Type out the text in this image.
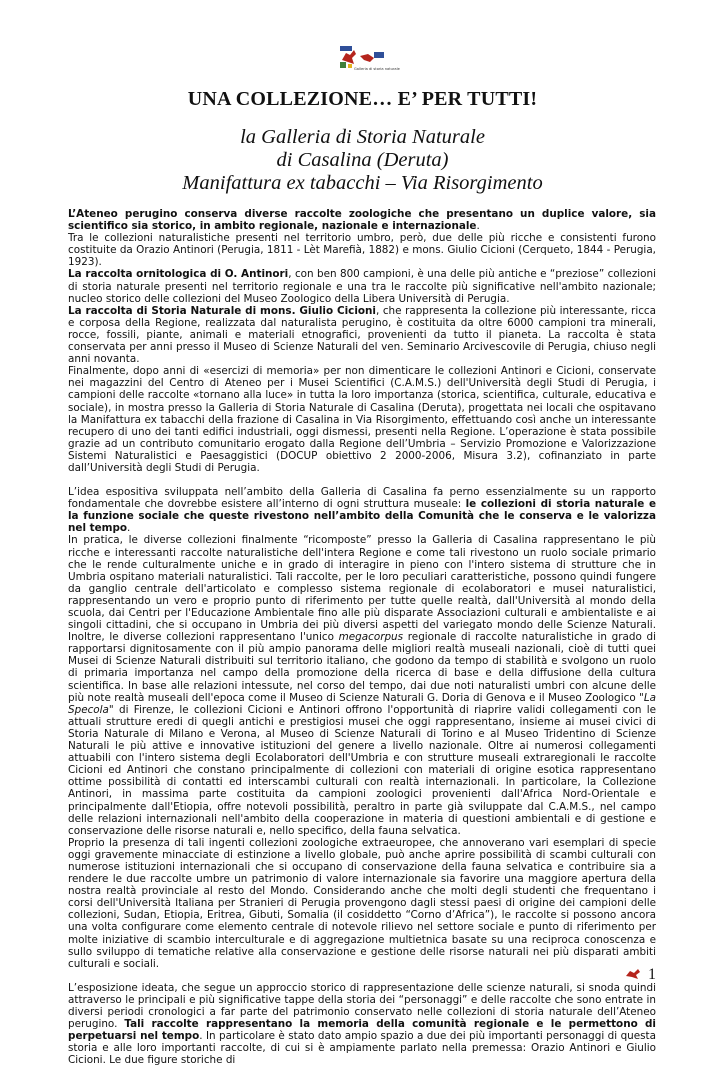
Galleria di storia naturale
UNA COLLEZIONE… E’ PER TUTTI!
la Galleria di Storia Naturale
di Casalina (Deruta)
Manifattura ex tabacchi – Via Risorgimento

L’Ateneo perugino conserva diverse raccolte zoologiche che presentano un duplice valore, sia scientifico sia storico, in ambito regionale, nazionale e internazionale.

Tra le collezioni naturalistiche presenti nel territorio umbro, però, due delle più ricche e consistenti furono costituite da Orazio Antinori (Perugia, 1811 - Lèt Marefià, 1882) e mons. Giulio Cicioni (Cerqueto, 1844 - Perugia, 1923).

La raccolta ornitologica di O. Antinori, con ben 800 campioni, è una delle più antiche e “preziose” collezioni di storia naturale presenti nel territorio regionale e una tra le raccolte più significative nell'ambito nazionale; nucleo storico delle collezioni del Museo Zoologico della Libera Università di Perugia.

La raccolta di Storia Naturale di mons. Giulio Cicioni, che rappresenta la collezione più interessante, ricca e corposa della Regione, realizzata dal naturalista perugino, è costituita da oltre 6000 campioni tra minerali, rocce, fossili, piante, animali e materiali etnografici, provenienti da tutto il pianeta. La raccolta è stata conservata per anni presso il Museo di Scienze Naturali del ven. Seminario Arcivescovile di Perugia, chiuso negli anni novanta.

Finalmente, dopo anni di «esercizi di memoria» per non dimenticare le collezioni Antinori e Cicioni, conservate nei magazzini del Centro di Ateneo per i Musei Scientifici (C.A.M.S.) dell'Università degli Studi di Perugia, i campioni delle raccolte «tornano alla luce» in tutta la loro importanza (storica, scientifica, culturale, educativa e sociale), in mostra presso la Galleria di Storia Naturale di Casalina (Deruta), progettata nei locali che ospitavano la Manifattura ex tabacchi della frazione di Casalina in Via Risorgimento, effettuando così anche un interessante recupero di uno dei tanti edifici industriali, oggi dismessi, presenti nella Regione. L’operazione è stata possibile grazie ad un contributo comunitario erogato dalla Regione dell’Umbria – Servizio Promozione e Valorizzazione Sistemi Naturalistici e Paesaggistici (DOCUP obiettivo 2 2000-2006, Misura 3.2), cofinanziato in parte dall’Università degli Studi di Perugia.

L’idea espositiva sviluppata nell’ambito della Galleria di Casalina fa perno essenzialmente su un rapporto fondamentale che dovrebbe esistere all’interno di ogni struttura museale: le collezioni di storia naturale e la funzione sociale che queste rivestono nell’ambito della Comunità che le conserva e le valorizza nel tempo.

In pratica, le diverse collezioni finalmente “ricomposte” presso la Galleria di Casalina rappresentano le più ricche e interessanti raccolte naturalistiche dell'intera Regione e come tali rivestono un ruolo sociale primario che le rende culturalmente uniche e in grado di interagire in pieno con l'intero sistema di strutture che in Umbria ospitano materiali naturalistici. Tali raccolte, per le loro peculiari caratteristiche, possono quindi fungere da ganglio centrale dell'articolato e complesso sistema regionale di ecolaboratori e musei naturalistici, rappresentando un vero e proprio punto di riferimento per tutte quelle realtà, dall'Università al mondo della scuola, dai Centri per l'Educazione Ambientale fino alle più disparate Associazioni culturali e ambientaliste e ai singoli cittadini, che si occupano in Umbria dei più diversi aspetti del variegato mondo delle Scienze Naturali. Inoltre, le diverse collezioni rappresentano l'unico megacorpus regionale di raccolte naturalistiche in grado di rapportarsi dignitosamente con il più ampio panorama delle migliori realtà museali nazionali, cioè di tutti quei Musei di Scienze Naturali distribuiti sul territorio italiano, che godono da tempo di stabilità e svolgono un ruolo di primaria importanza nel campo della promozione della ricerca di base e della diffusione della cultura scientifica. In base alle relazioni intessute, nel corso del tempo, dai due noti naturalisti umbri con alcune delle più note realtà museali dell'epoca come il Museo di Scienze Naturali G. Doria di Genova e il Museo Zoologico "La Specola" di Firenze, le collezioni Cicioni e Antinori offrono l'opportunità di riaprire validi collegamenti con le attuali strutture eredi di quegli antichi e prestigiosi musei che oggi rappresentano, insieme ai musei civici di Storia Naturale di Milano e Verona, al Museo di Scienze Naturali di Torino e al Museo Tridentino di Scienze Naturali le più attive e innovative istituzioni del genere a livello nazionale. Oltre ai numerosi collegamenti attuabili con l'intero sistema degli Ecolaboratori dell'Umbria e con strutture museali extraregionali le raccolte Cicioni ed Antinori che constano principalmente di collezioni con materiali di origine esotica rappresentano ottime possibilità di contatti ed interscambi culturali con realtà internazionali. In particolare, la Collezione Antinori, in massima parte costituita da campioni zoologici provenienti dall'Africa Nord-Orientale e principalmente dall'Etiopia, offre notevoli possibilità, peraltro in parte già sviluppate dal C.A.M.S., nel campo delle relazioni internazionali nell'ambito della cooperazione in materia di questioni ambientali e di gestione e conservazione delle risorse naturali e, nello specifico, della fauna selvatica.

Proprio la presenza di tali ingenti collezioni zoologiche extraeuropee, che annoverano vari esemplari di specie oggi gravemente minacciate di estinzione a livello globale, può anche aprire possibilità di scambi culturali con numerose istituzioni internazionali che si occupano di conservazione della fauna selvatica e contribuire sia a rendere le due raccolte umbre un patrimonio di valore internazionale sia favorire una maggiore apertura della nostra realtà provinciale al resto del Mondo. Considerando anche che molti degli studenti che frequentano i corsi dell'Università Italiana per Stranieri di Perugia provengono dagli stessi paesi di origine dei campioni delle collezioni, Sudan, Etiopia, Eritrea, Gibuti, Somalia (il cosiddetto “Corno d’Africa”), le raccolte si possono ancora una volta configurare come elemento centrale di notevole rilievo nel settore sociale e punto di riferimento per molte iniziative di scambio interculturale e di aggregazione multietnica basate su una reciproca conoscenza e sullo sviluppo di tematiche relative alla conservazione e gestione delle risorse naturali nei più disparati ambiti culturali e sociali.

L’esposizione ideata, che segue un approccio storico di rappresentazione delle scienze naturali, si snoda quindi attraverso le principali e più significative tappe della storia dei “personaggi” e delle raccolte che sono entrate in diversi periodi cronologici a far parte del patrimonio conservato nelle collezioni di storia naturale dell’Ateneo perugino. Tali raccolte rappresentano la memoria della comunità regionale e le permettono di perpetuarsi nel tempo. In particolare è stato dato ampio spazio a due dei più importanti personaggi di questa storia e alle loro importanti raccolte, di cui si è ampiamente parlato nella premessa: Orazio Antinori e Giulio Cicioni. Le due figure storiche di

1
